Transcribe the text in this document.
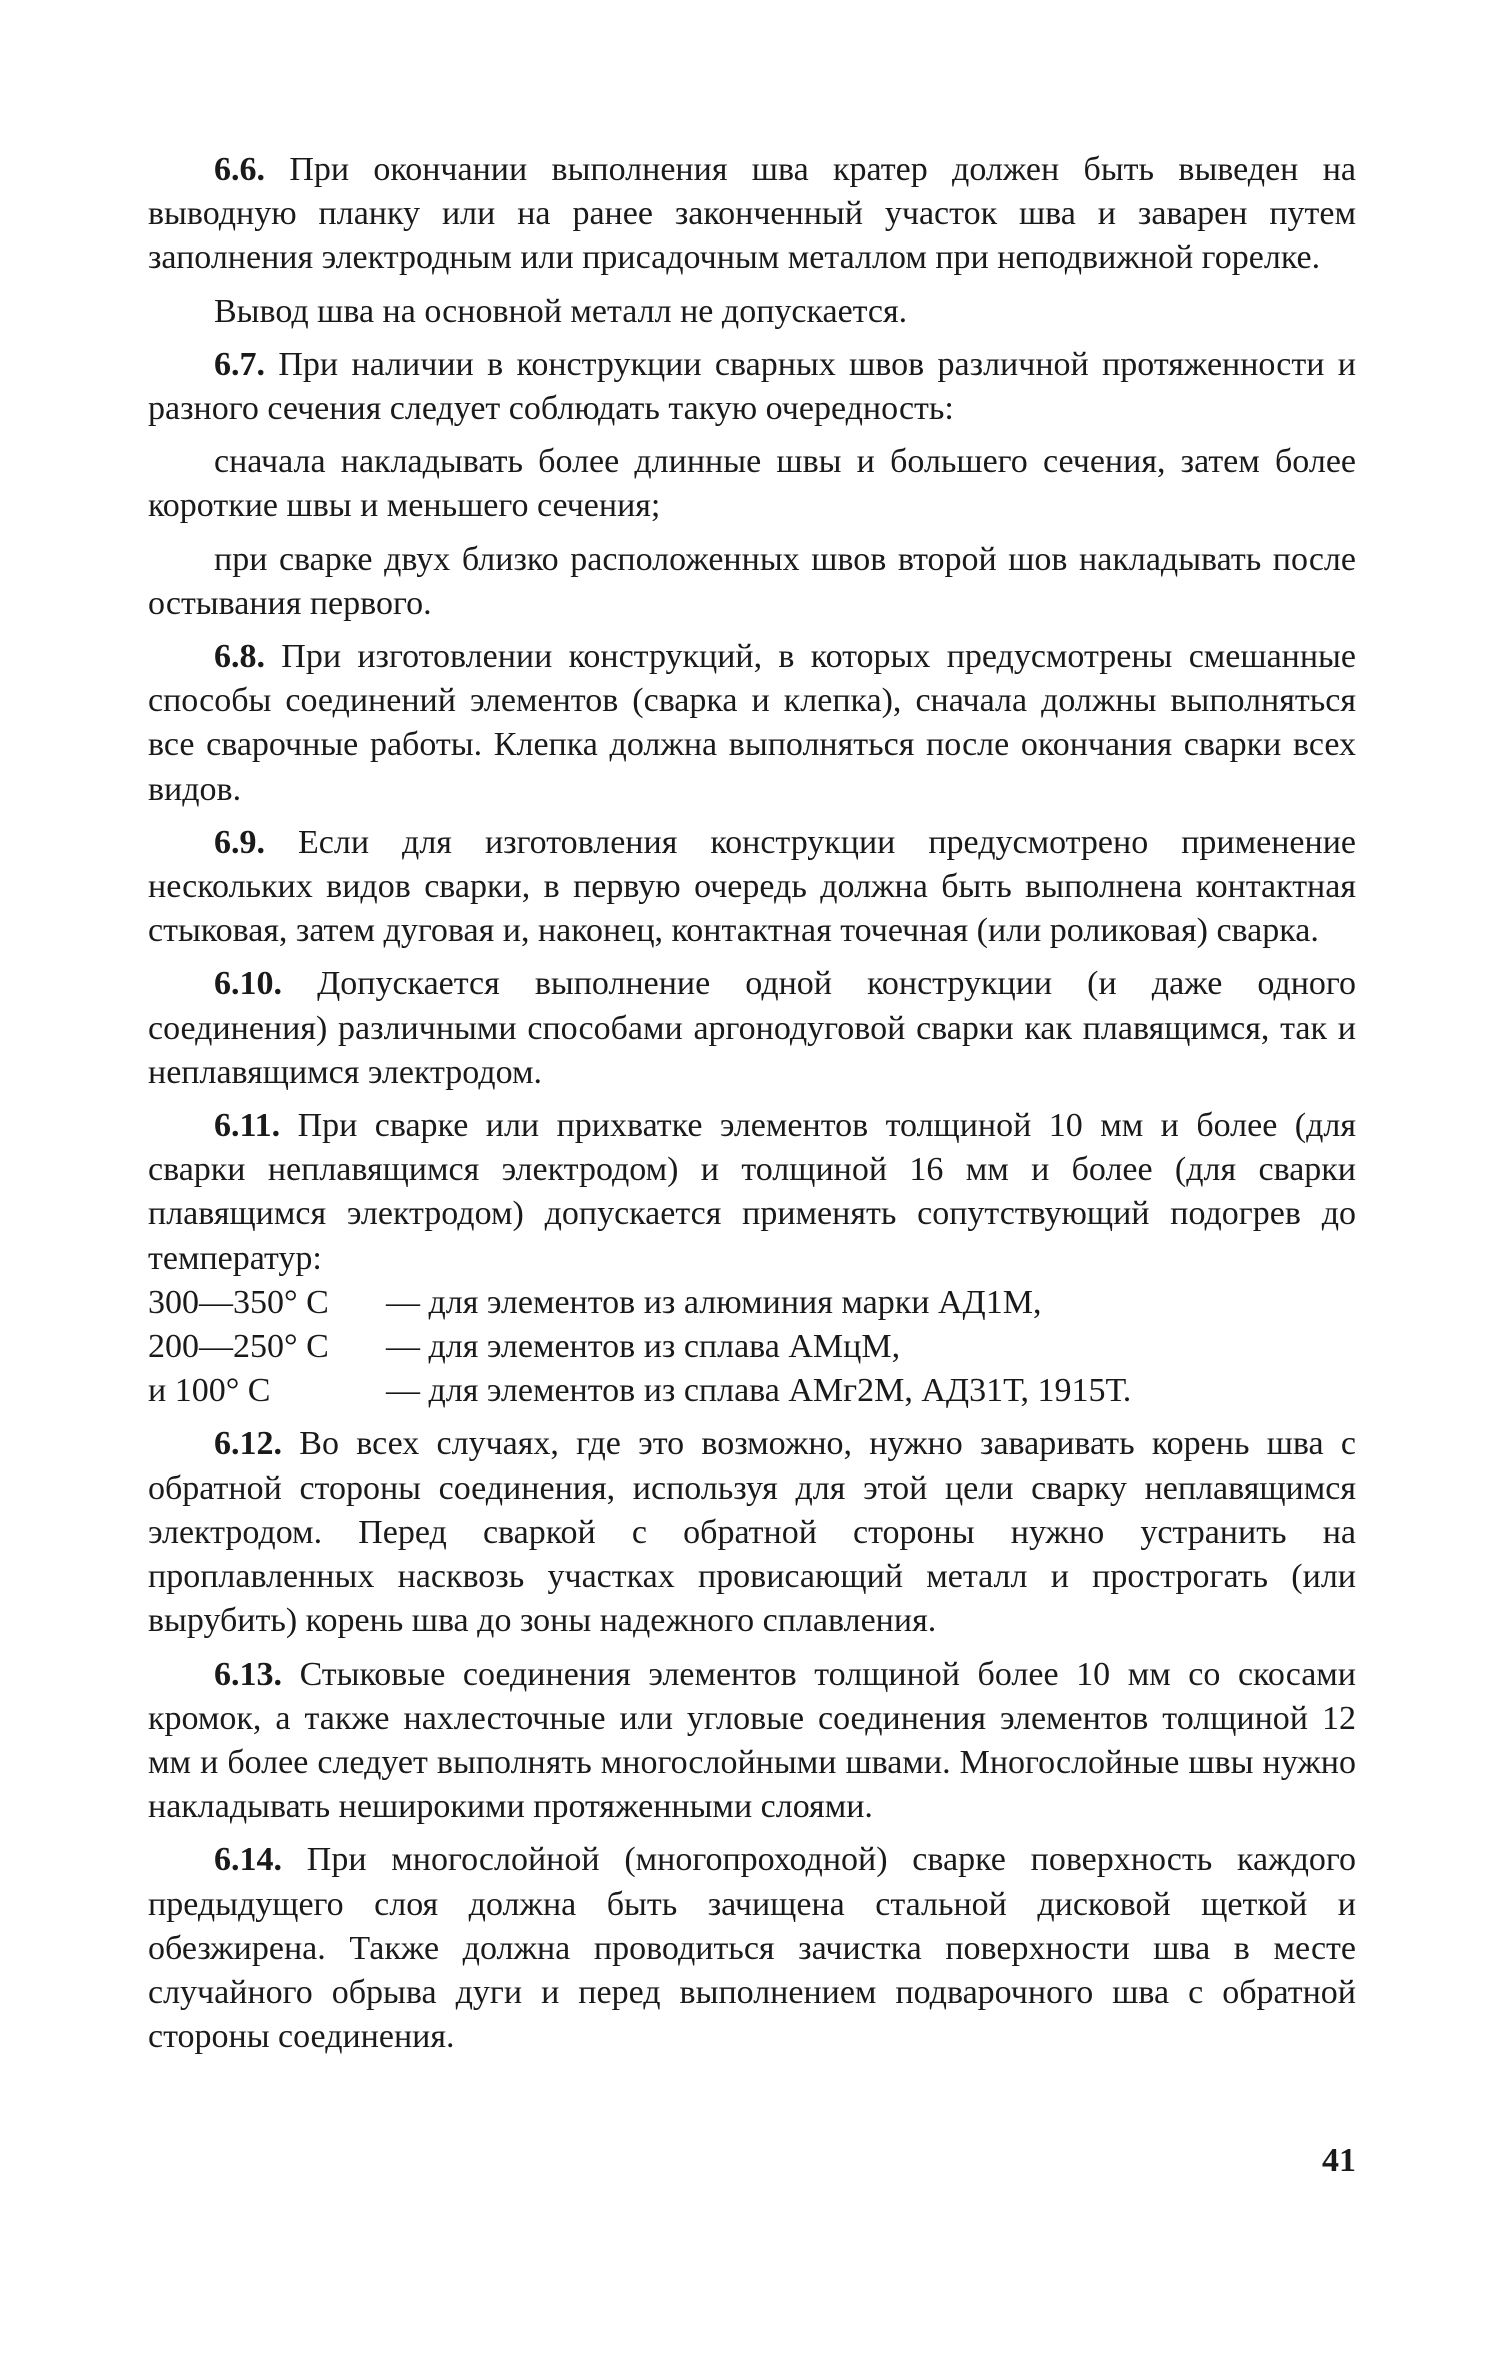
6.6. При окончании выполнения шва кратер должен быть выведен на выводную планку или на ранее законченный участок шва и заварен путем заполнения электродным или присадочным металлом при неподвижной горелке.

Вывод шва на основной металл не допускается.

6.7. При наличии в конструкции сварных швов различной протяженности и разного сечения следует соблюдать такую очередность:

сначала накладывать более длинные швы и большего сечения, затем более короткие швы и меньшего сечения;

при сварке двух близко расположенных швов второй шов накладывать после остывания первого.

6.8. При изготовлении конструкций, в которых предусмотрены смешанные способы соединений элементов (сварка и клепка), сначала должны выполняться все сварочные работы. Клепка должна выполняться после окончания сварки всех видов.

6.9. Если для изготовления конструкции предусмотрено применение нескольких видов сварки, в первую очередь должна быть выполнена контактная стыковая, затем дуговая и, наконец, контактная точечная (или роликовая) сварка.

6.10. Допускается выполнение одной конструкции (и даже одного соединения) различными способами аргонодуговой сварки как плавящимся, так и неплавящимся электродом.

6.11. При сварке или прихватке элементов толщиной 10 мм и более (для сварки неплавящимся электродом) и толщиной 16 мм и более (для сварки плавящимся электродом) допускается применять сопутствующий подогрев до температур:

300—350° С	— для элементов из алюминия марки АД1М,
200—250° С	— для элементов из сплава АМцМ,
и 100° С	— для элементов из сплава АМг2М, АД31Т, 1915Т.

6.12. Во всех случаях, где это возможно, нужно заваривать корень шва с обратной стороны соединения, используя для этой цели сварку неплавящимся электродом. Перед сваркой с обратной стороны нужно устранить на проплавленных насквозь участках провисающий металл и прострогать (или вырубить) корень шва до зоны надежного сплавления.

6.13. Стыковые соединения элементов толщиной более 10 мм со скосами кромок, а также нахлесточные или угловые соединения элементов толщиной 12 мм и более следует выполнять многослойными швами. Многослойные швы нужно накладывать неширокими протяженными слоями.

6.14. При многослойной (многопроходной) сварке поверхность каждого предыдущего слоя должна быть зачищена стальной дисковой щеткой и обезжирена. Также должна проводиться зачистка поверхности шва в месте случайного обрыва дуги и перед выполнением подварочного шва с обратной стороны соединения.

41
